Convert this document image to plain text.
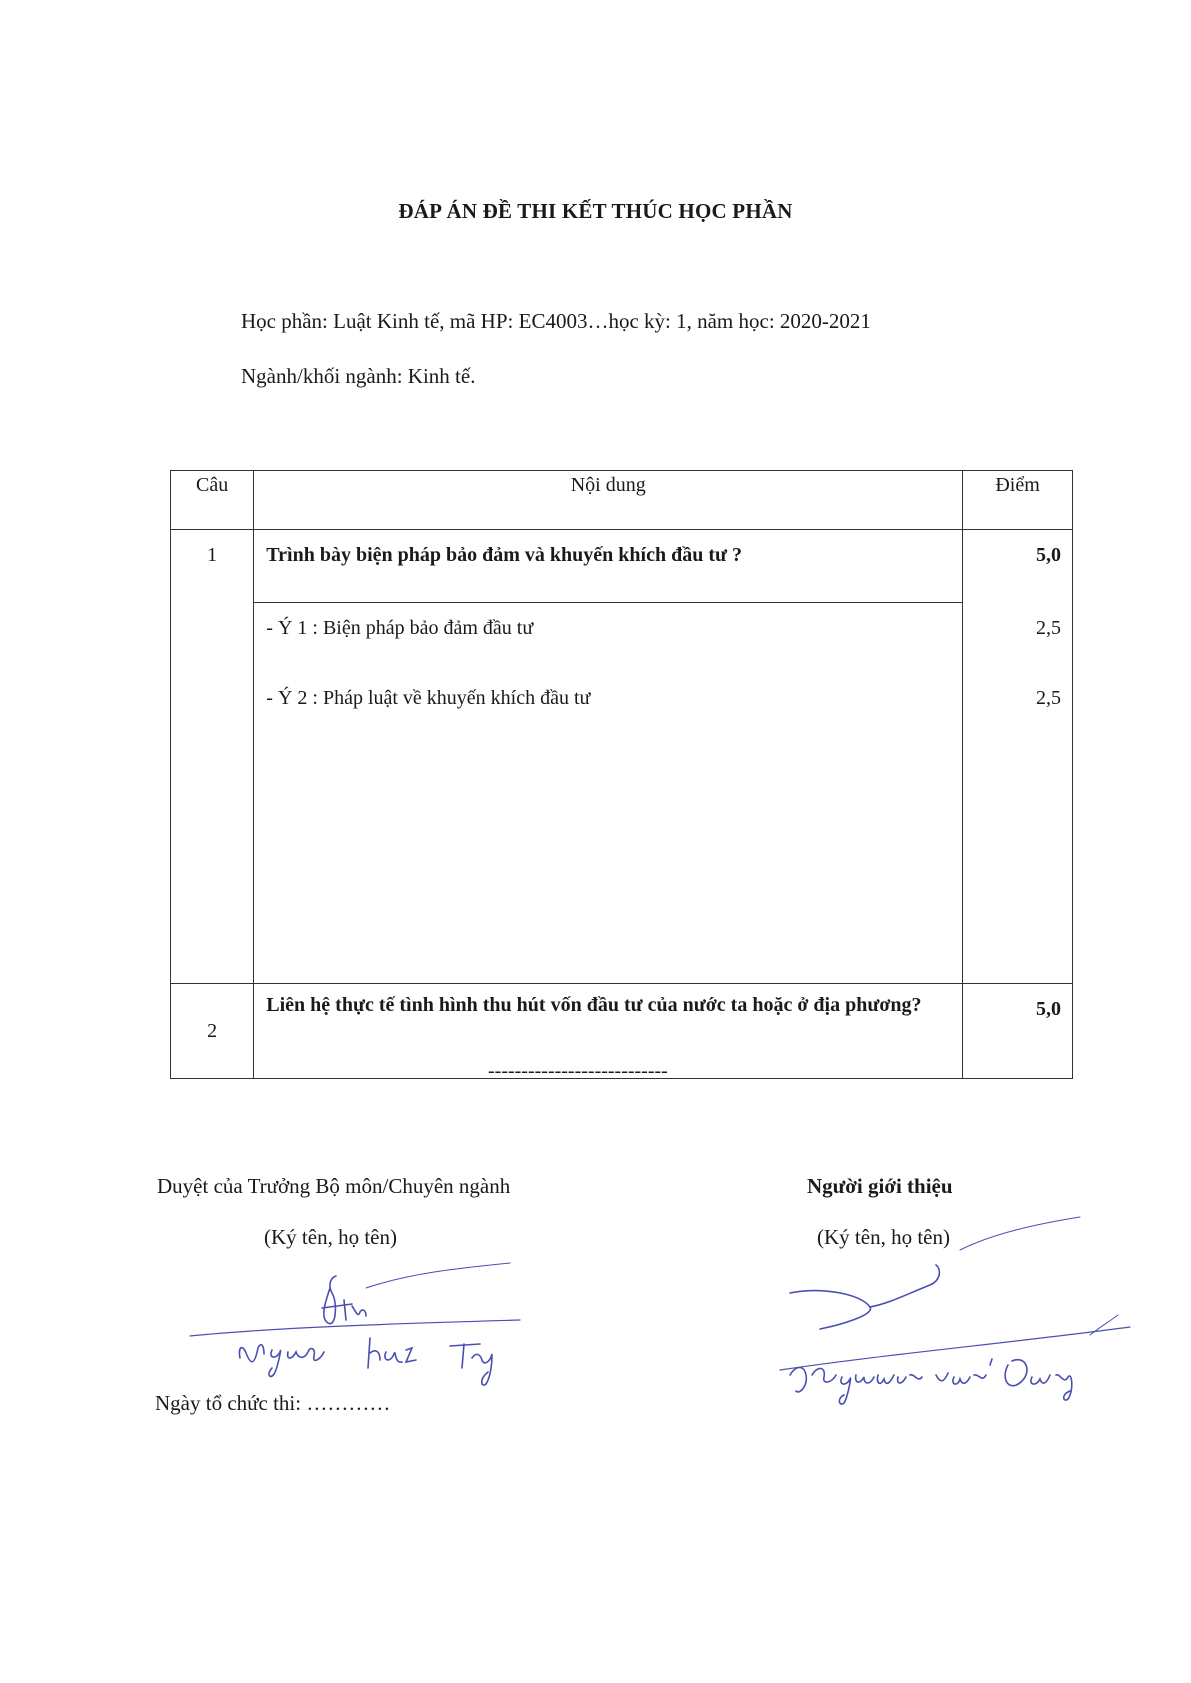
ĐÁP ÁN ĐỀ THI KẾT THÚC HỌC PHẦN
Học phần: Luật Kinh tế, mã HP: EC4003…học kỳ: 1, năm học: 2020-2021
Ngành/khối ngành: Kinh tế.
Câu	Nội dung	Điểm
1	Trình bày biện pháp bảo đảm và khuyến khích đầu tư ?	5,0
	- Ý 1 : Biện pháp bảo đảm đầu tư	2,5
	- Ý 2 : Pháp luật về khuyến khích đầu tư	2,5

2	Liên hệ thực tế tình hình thu hút vốn đầu tư của nước ta hoặc ở địa phương?	5,0
---------------------------
Duyệt của Trưởng Bộ môn/Chuyên ngành
(Ký tên, họ tên)
Người giới thiệu
(Ký tên, họ tên)
Ngày tổ chức thi: …………
